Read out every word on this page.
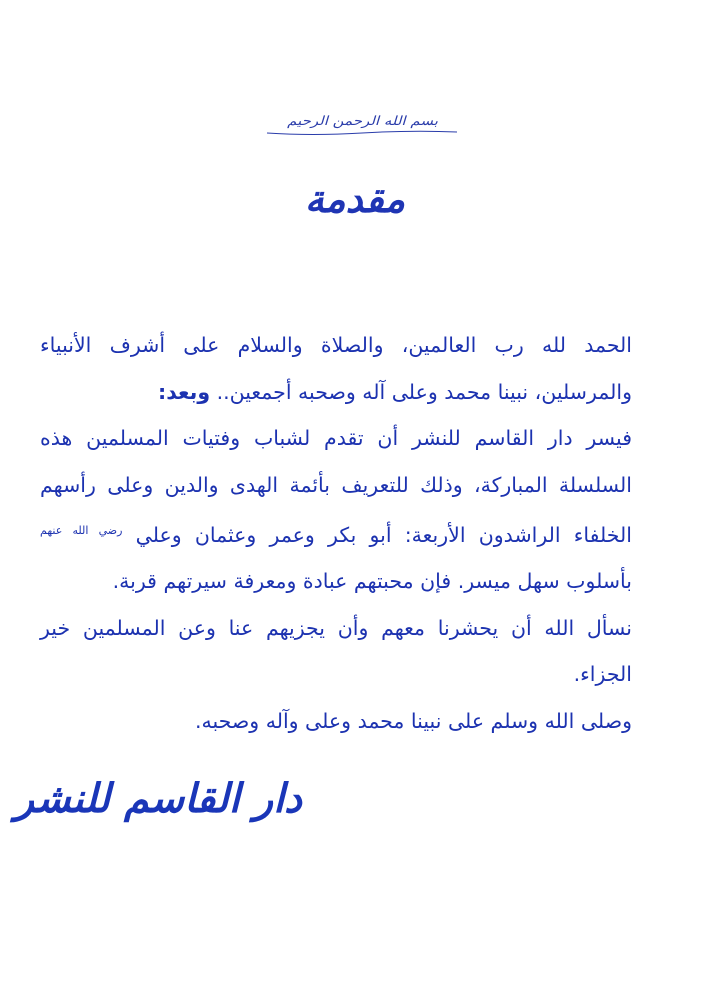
بسم الله الرحمن الرحيم
مقدمة

الحمد لله رب العالمين، والصلاة والسلام على أشرف الأنبياء والمرسلين، نبينا محمد وعلى آله وصحبه أجمعين.. وبعد:

فيسر دار القاسم للنشر أن تقدم لشباب وفتيات المسلمين هذه السلسلة المباركة، وذلك للتعريف بأئمة الهدى والدين وعلى رأسهم الخلفاء الراشدون الأربعة: أبو بكر وعمر وعثمان وعلي $^{رضي الله عنهم}$ بأسلوب سهل ميسر. فإن محبتهم عبادة ومعرفة سيرتهم قربة.

نسأل الله أن يحشرنا معهم وأن يجزيهم عنا وعن المسلمين خير الجزاء.

وصلى الله وسلم على نبينا محمد وعلى وآله وصحبه.

دار القاسم للنشر
